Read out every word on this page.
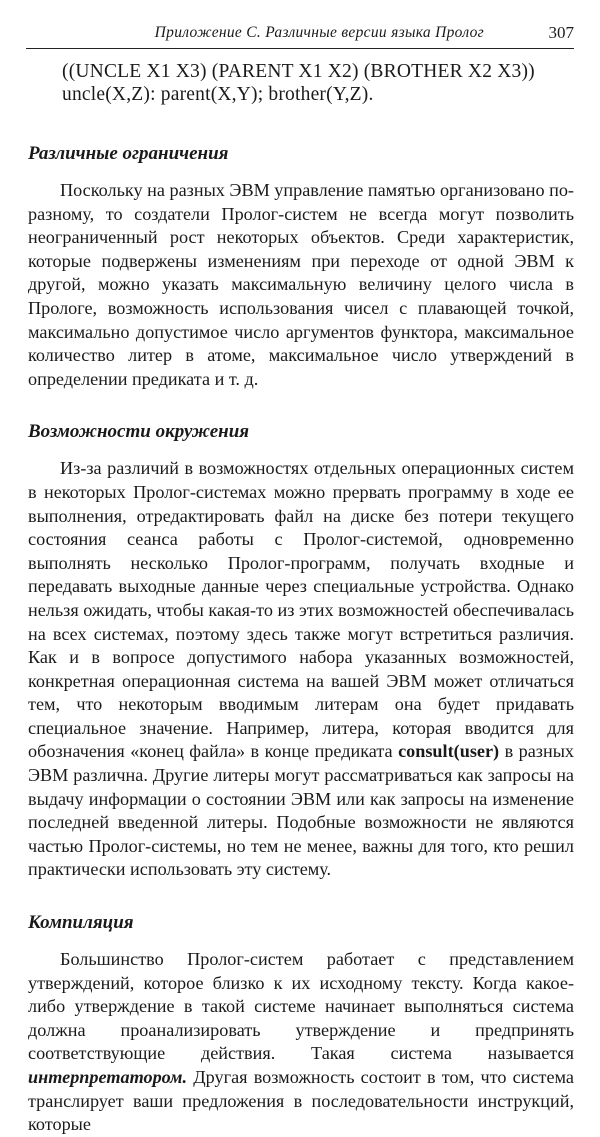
Приложение С. Различные версии языка Пролог	307

((UNCLE X1 X3) (PARENT X1 X2) (BROTHER X2 X3))

uncle(X,Z): parent(X,Y); brother(Y,Z).

Различные ограничения

Поскольку на разных ЭВМ управление памятью организовано по-разному, то создатели Пролог-систем не всегда могут позволить неограниченный рост некоторых объектов. Среди характеристик, которые подвержены изменениям при переходе от одной ЭВМ к другой, можно указать максимальную величину целого числа в Прологе, возможность использования чисел с плавающей точкой, максимально допустимое число аргументов функтора, максимальное количество литер в атоме, максимальное число утверждений в определении предиката и т. д.

Возможности окружения

Из-за различий в возможностях отдельных операционных систем в некоторых Пролог-системах можно прервать программу в ходе ее выполнения, отредактировать файл на диске без потери текущего состояния сеанса работы с Пролог-системой, одновременно выполнять несколько Пролог-программ, получать входные и передавать выходные данные через специальные устройства. Однако нельзя ожидать, чтобы какая-то из этих возможностей обеспечивалась на всех системах, поэтому здесь также могут встретиться различия. Как и в вопросе допустимого набора указанных возможностей, конкретная операционная система на вашей ЭВМ может отличаться тем, что некоторым вводимым литерам она будет придавать специальное значение. Например, литера, которая вводится для обозначения «конец файла» в конце предиката consult(user) в разных ЭВМ различна. Другие литеры могут рассматриваться как запросы на выдачу информации о состоянии ЭВМ или как запросы на изменение последней введенной литеры. Подобные возможности не являются частью Пролог-системы, но тем не менее, важны для того, кто решил практически использовать эту систему.

Компиляция

Большинство Пролог-систем работает с представлением утверждений, которое близко к их исходному тексту. Когда какое-либо утверждение в такой системе начинает выполняться система должна проанализировать утверждение и предпринять соответствующие действия. Такая система называется интерпретатором. Другая возможность состоит в том, что система транслирует ваши предложения в последовательности инструкций, которые
